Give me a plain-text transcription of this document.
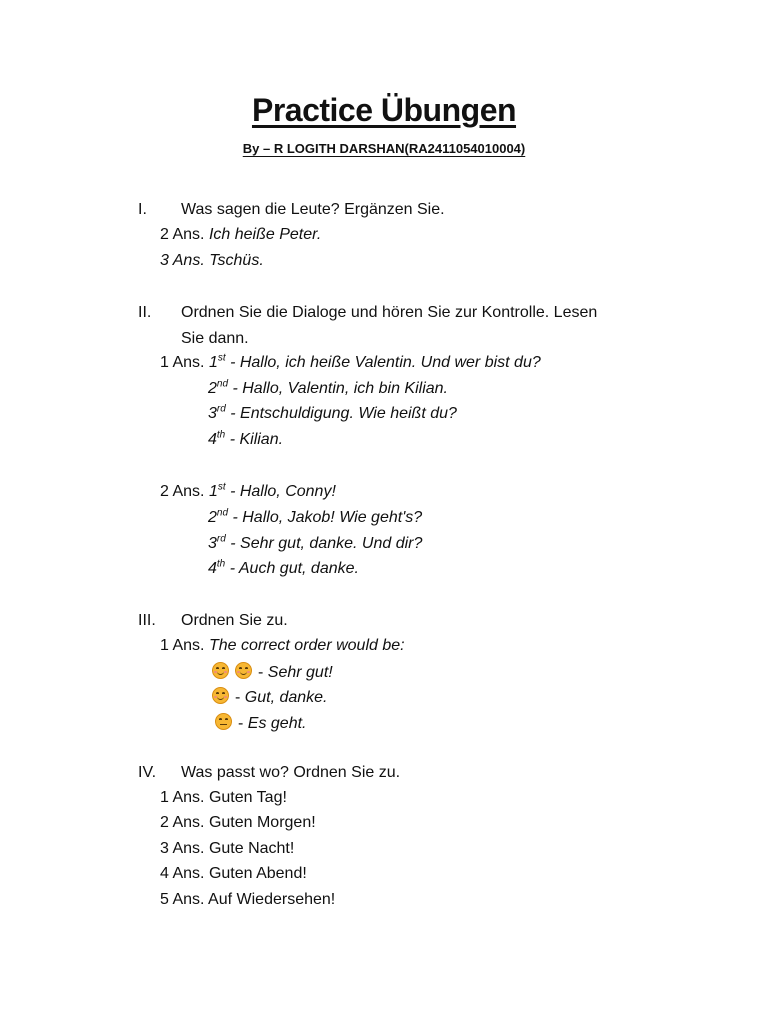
Practice Übungen
By – R LOGITH DARSHAN(RA2411054010004)
I. Was sagen die Leute? Ergänzen Sie.
2 Ans. Ich heiße Peter.
3 Ans. Tschüs.
II. Ordnen Sie die Dialoge und hören Sie zur Kontrolle. Lesen
Sie dann.
1 Ans. 1st - Hallo, ich heiße Valentin. Und wer bist du?
2nd - Hallo, Valentin, ich bin Kilian.
3rd - Entschuldigung. Wie heißt du?
4th - Kilian.
2 Ans. 1st - Hallo, Conny!
2nd - Hallo, Jakob! Wie geht's?
3rd - Sehr gut, danke. Und dir?
4th - Auch gut, danke.
III. Ordnen Sie zu.
1 Ans. The correct order would be:
- Sehr gut!
- Gut, danke.
- Es geht.
IV. Was passt wo? Ordnen Sie zu.
1 Ans. Guten Tag!
2 Ans. Guten Morgen!
3 Ans. Gute Nacht!
4 Ans. Guten Abend!
5 Ans. Auf Wiedersehen!
